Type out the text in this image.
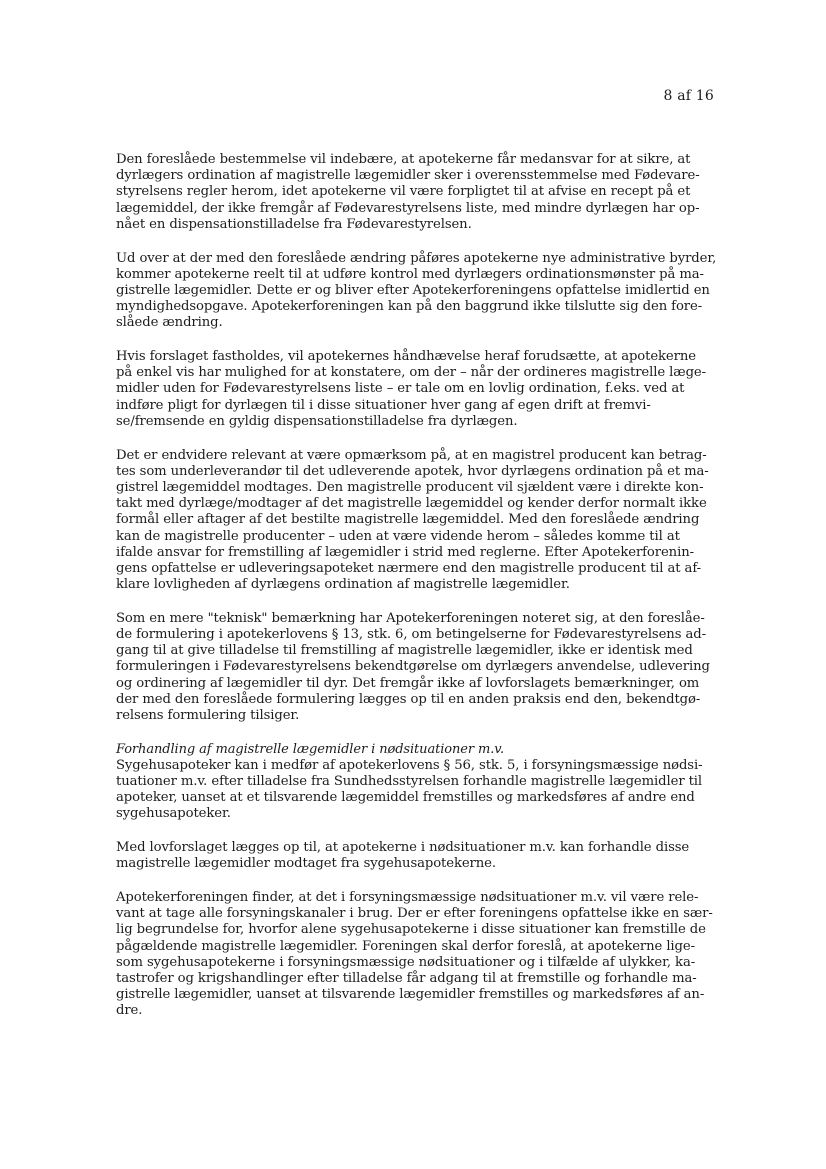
8 af 16

Den foreslåede bestemmelse vil indebære, at apotekerne får medansvar for at sikre, at
dyrlægers ordination af magistrelle lægemidler sker i overensstemmelse med Fødevare-
styrelsens regler herom, idet apotekerne vil være forpligtet til at afvise en recept på et
lægemiddel, der ikke fremgår af Fødevarestyrelsens liste, med mindre dyrlægen har op-
nået en dispensationstilladelse fra Fødevarestyrelsen.

Ud over at der med den foreslåede ændring påføres apotekerne nye administrative byrder,
kommer apotekerne reelt til at udføre kontrol med dyrlægers ordinationsmønster på ma-
gistrelle lægemidler. Dette er og bliver efter Apotekerforeningens opfattelse imidlertid en
myndighedsopgave. Apotekerforeningen kan på den baggrund ikke tilslutte sig den fore-
slåede ændring.

Hvis forslaget fastholdes, vil apotekernes håndhævelse heraf forudsætte, at apotekerne
på enkel vis har mulighed for at konstatere, om der – når der ordineres magistrelle læge-
midler uden for Fødevarestyrelsens liste – er tale om en lovlig ordination, f.eks. ved at
indføre pligt for dyrlægen til i disse situationer hver gang af egen drift at fremvi-
se/fremsende en gyldig dispensationstilladelse fra dyrlægen.

Det er endvidere relevant at være opmærksom på, at en magistrel producent kan betrag-
tes som underleverandør til det udleverende apotek, hvor dyrlægens ordination på et ma-
gistrel lægemiddel modtages. Den magistrelle producent vil sjældent være i direkte kon-
takt med dyrlæge/modtager af det magistrelle lægemiddel og kender derfor normalt ikke
formål eller aftager af det bestilte magistrelle lægemiddel. Med den foreslåede ændring
kan de magistrelle producenter – uden at være vidende herom – således komme til at
ifalde ansvar for fremstilling af lægemidler i strid med reglerne. Efter Apotekerforenin-
gens opfattelse er udleveringsapoteket nærmere end den magistrelle producent til at af-
klare lovligheden af dyrlægens ordination af magistrelle lægemidler.

Som en mere "teknisk" bemærkning har Apotekerforeningen noteret sig, at den foreslåe-
de formulering i apotekerlovens § 13, stk. 6, om betingelserne for Fødevarestyrelsens ad-
gang til at give tilladelse til fremstilling af magistrelle lægemidler, ikke er identisk med
formuleringen i Fødevarestyrelsens bekendtgørelse om dyrlægers anvendelse, udlevering
og ordinering af lægemidler til dyr. Det fremgår ikke af lovforslagets bemærkninger, om
der med den foreslåede formulering lægges op til en anden praksis end den, bekendtgø-
relsens formulering tilsiger.

Forhandling af magistrelle lægemidler i nødsituationer m.v.
Sygehusapoteker kan i medfør af apotekerlovens § 56, stk. 5, i forsyningsmæssige nødsi-
tuationer m.v. efter tilladelse fra Sundhedsstyrelsen forhandle magistrelle lægemidler til
apoteker, uanset at et tilsvarende lægemiddel fremstilles og markedsføres af andre end
sygehusapoteker.

Med lovforslaget lægges op til, at apotekerne i nødsituationer m.v. kan forhandle disse
magistrelle lægemidler modtaget fra sygehusapotekerne.

Apotekerforeningen finder, at det i forsyningsmæssige nødsituationer m.v. vil være rele-
vant at tage alle forsyningskanaler i brug. Der er efter foreningens opfattelse ikke en sær-
lig begrundelse for, hvorfor alene sygehusapotekerne i disse situationer kan fremstille de
pågældende magistrelle lægemidler. Foreningen skal derfor foreslå, at apotekerne lige-
som sygehusapotekerne i forsyningsmæssige nødsituationer og i tilfælde af ulykker, ka-
tastrofer og krigshandlinger efter tilladelse får adgang til at fremstille og forhandle ma-
gistrelle lægemidler, uanset at tilsvarende lægemidler fremstilles og markedsføres af an-
dre.
